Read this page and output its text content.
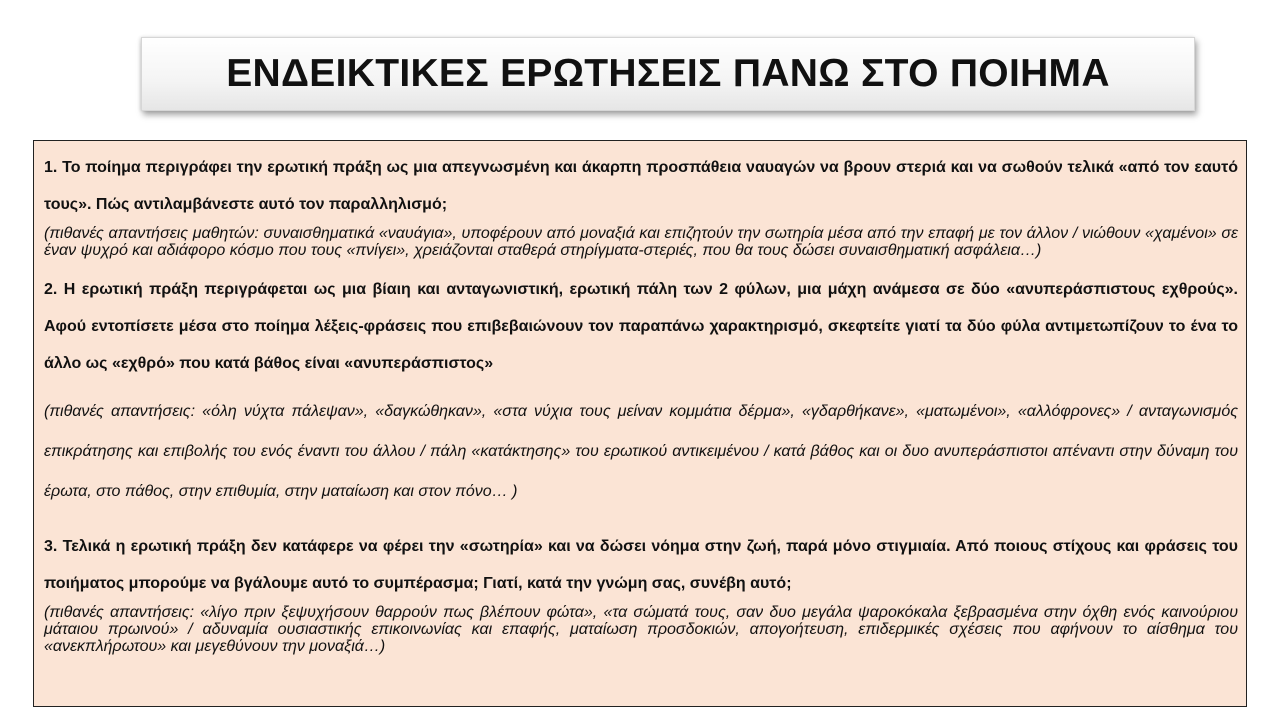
ΕΝΔΕΙΚΤΙΚΕΣ ΕΡΩΤΗΣΕΙΣ ΠΑΝΩ ΣΤΟ ΠΟΙΗΜΑ

1. Το ποίημα περιγράφει την ερωτική πράξη ως μια απεγνωσμένη και άκαρπη προσπάθεια ναυαγών να βρουν στεριά και να σωθούν τελικά «από τον εαυτό τους». Πώς αντιλαμβάνεστε αυτό τον παραλληλισμό;

(πιθανές απαντήσεις μαθητών: συναισθηματικά «ναυάγια», υποφέρουν από μοναξιά και επιζητούν την σωτηρία μέσα από την επαφή με τον άλλον / νιώθουν «χαμένοι» σε έναν ψυχρό και αδιάφορο κόσμο που τους «πνίγει», χρειάζονται σταθερά στηρίγματα-στεριές, που θα τους δώσει συναισθηματική ασφάλεια…)

2. Η ερωτική πράξη περιγράφεται ως μια βίαιη και ανταγωνιστική, ερωτική πάλη των 2 φύλων, μια μάχη ανάμεσα σε δύο «ανυπεράσπιστους εχθρούς». Αφού εντοπίσετε μέσα στο ποίημα λέξεις-φράσεις που επιβεβαιώνουν τον παραπάνω χαρακτηρισμό, σκεφτείτε γιατί τα δύο φύλα αντιμετωπίζουν το ένα το άλλο ως «εχθρό» που κατά βάθος είναι «ανυπεράσπιστος»

(πιθανές απαντήσεις: «όλη νύχτα πάλεψαν», «δαγκώθηκαν», «στα νύχια τους μείναν κομμάτια δέρμα», «γδαρθήκανε», «ματωμένοι», «αλλόφρονες» / ανταγωνισμός επικράτησης και επιβολής του ενός έναντι του άλλου / πάλη «κατάκτησης» του ερωτικού αντικειμένου / κατά βάθος και οι δυο ανυπεράσπιστοι απέναντι στην δύναμη του έρωτα, στο πάθος, στην επιθυμία, στην ματαίωση και στον πόνο… )

3. Τελικά η ερωτική πράξη δεν κατάφερε να φέρει την «σωτηρία» και να δώσει νόημα στην ζωή, παρά μόνο στιγμιαία. Από ποιους στίχους και φράσεις του ποιήματος μπορούμε να βγάλουμε αυτό το συμπέρασμα; Γιατί, κατά την γνώμη σας, συνέβη αυτό;

(πιθανές απαντήσεις: «λίγο πριν ξεψυχήσουν θαρρούν πως βλέπουν φώτα», «τα σώματά τους, σαν δυο μεγάλα ψαροκόκαλα ξεβρασμένα στην όχθη ενός καινούριου μάταιου πρωινού» / αδυναμία ουσιαστικής επικοινωνίας και επαφής, ματαίωση προσδοκιών, απογοήτευση, επιδερμικές σχέσεις που αφήνουν το αίσθημα του «ανεκπλήρωτου» και μεγεθύνουν την μοναξιά…)
